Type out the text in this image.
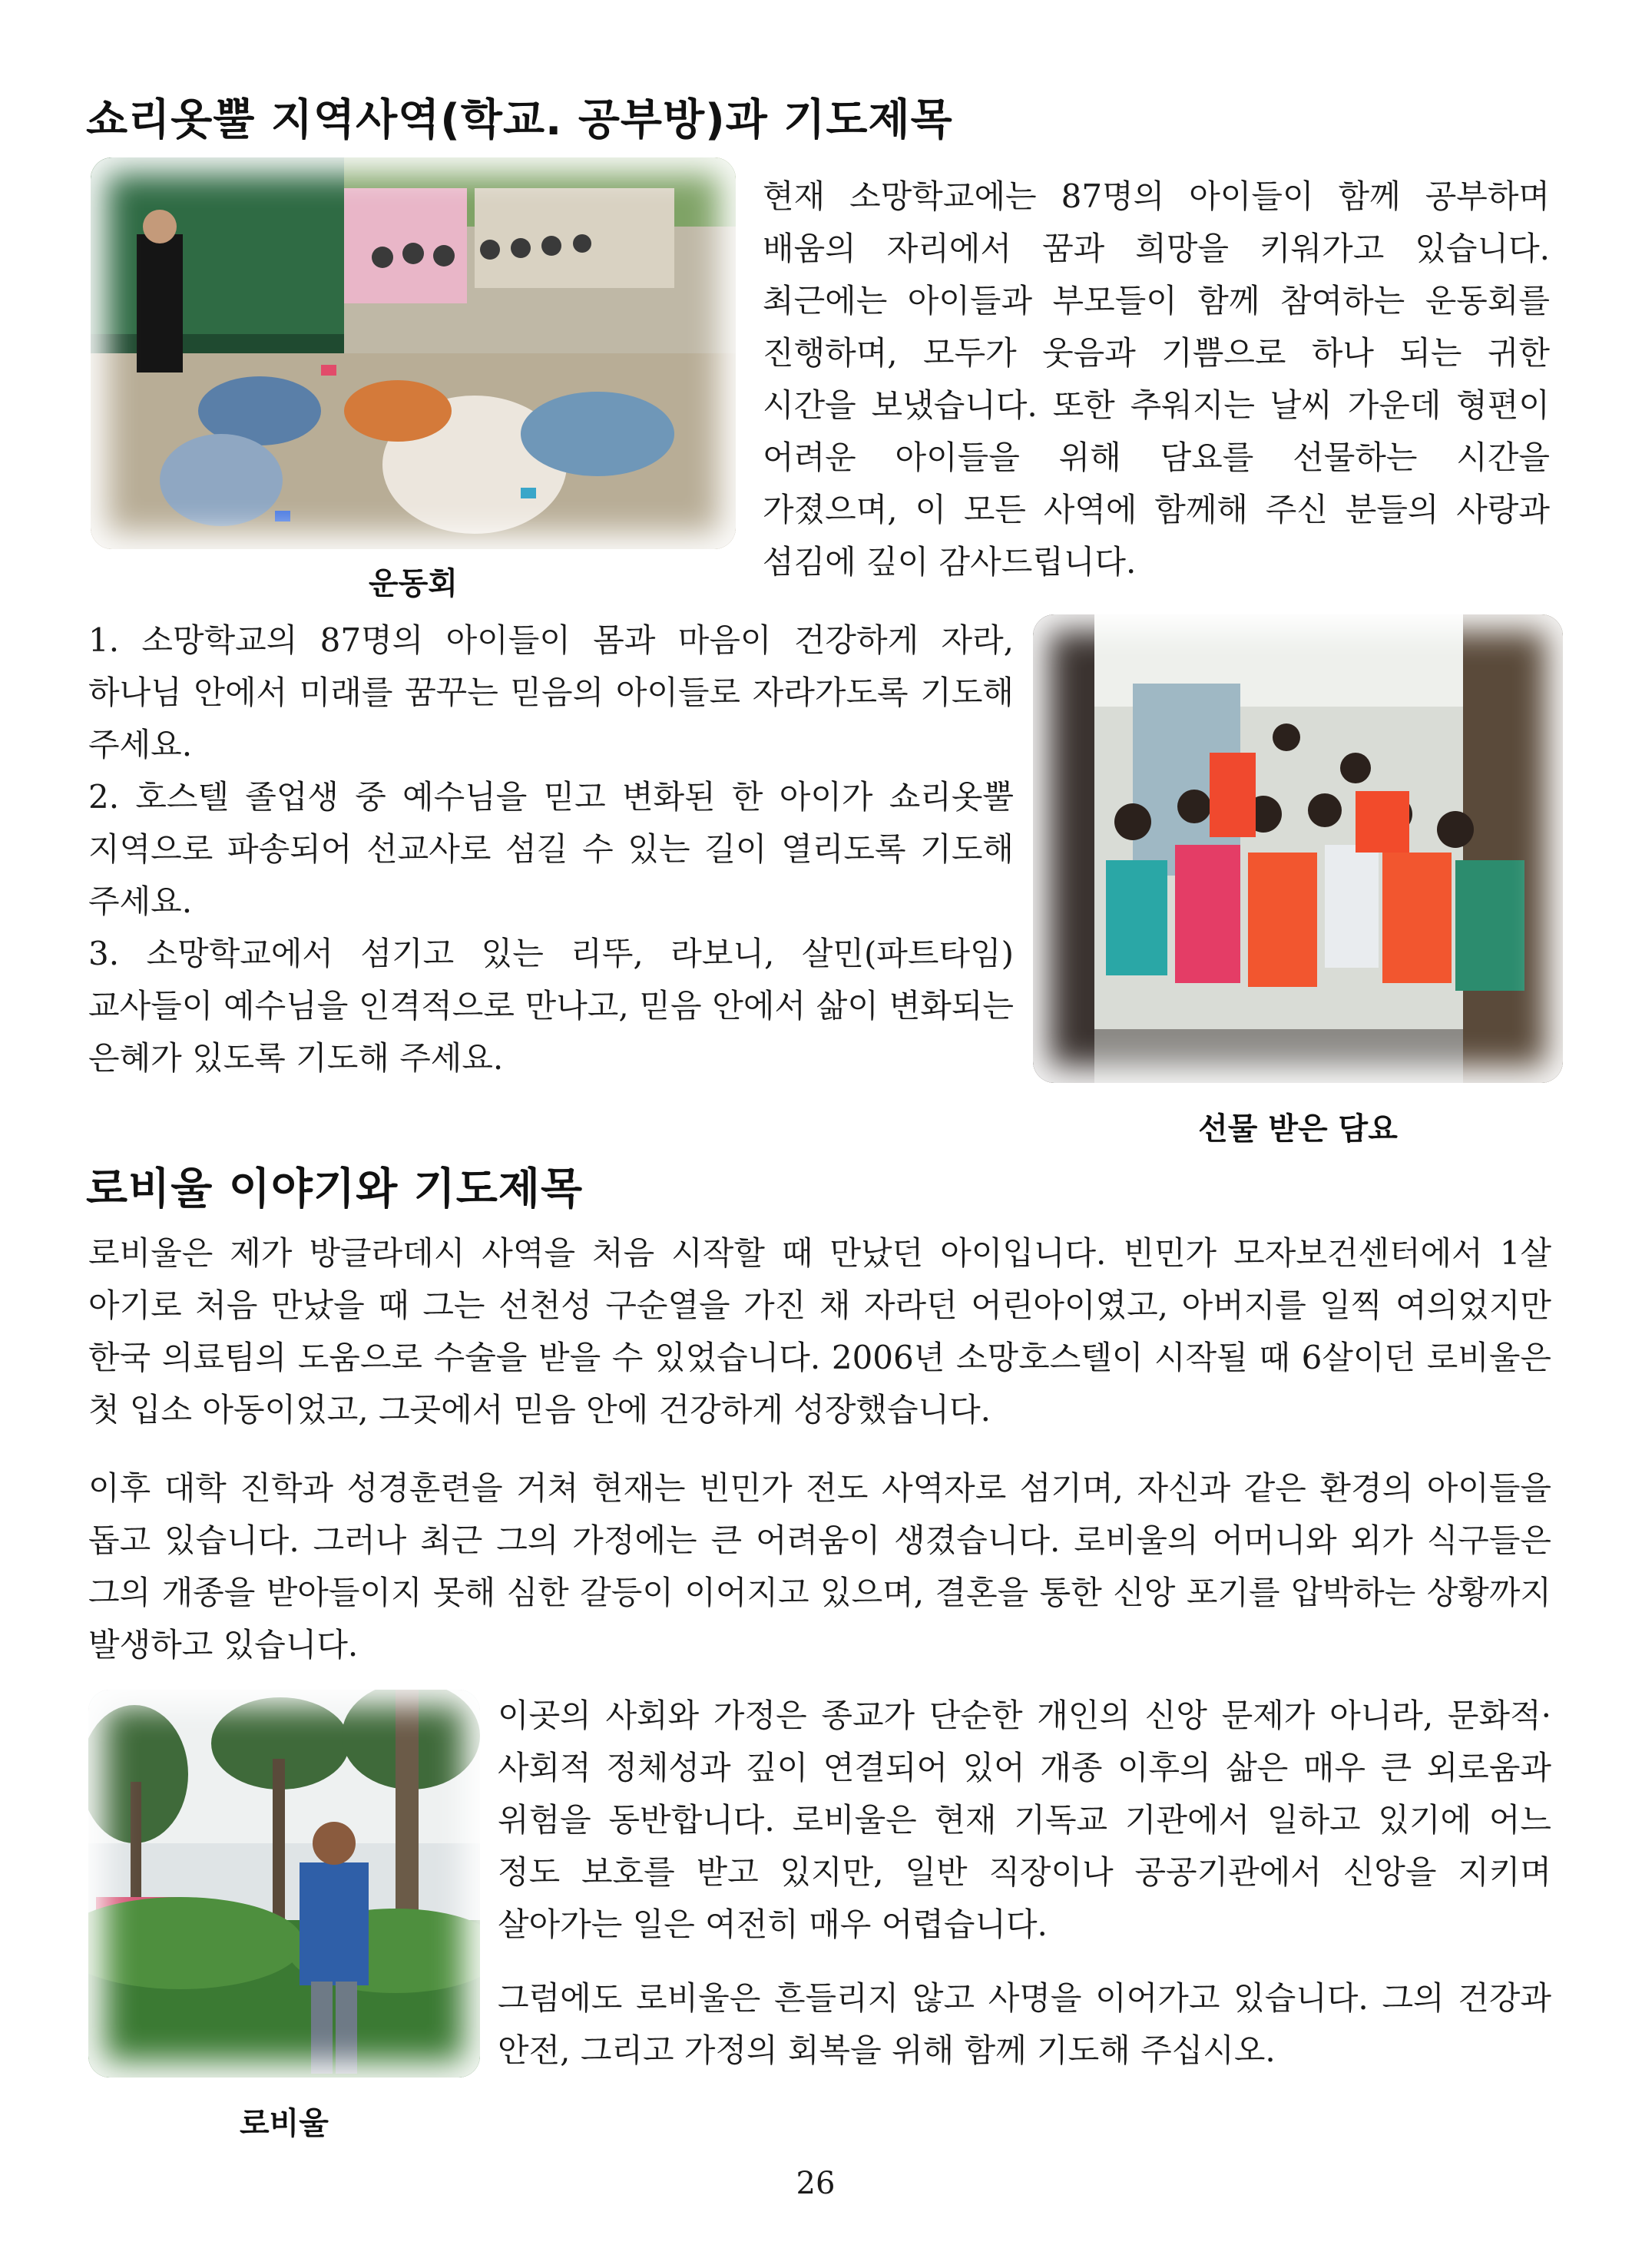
쇼리옷뿔 지역사역(학교. 공부방)과 기도제목
운동회
현재 소망학교에는 87명의 아이들이 함께 공부하며 배움의 자리에서 꿈과 희망을 키워가고 있습니다. 최근에는 아이들과 부모들이 함께 참여하는 운동회를 진행하며, 모두가 웃음과 기쁨으로 하나 되는 귀한 시간을 보냈습니다. 또한 추워지는 날씨 가운데 형편이 어려운 아이들을 위해 담요를 선물하는 시간을 가졌으며, 이 모든 사역에 함께해 주신 분들의 사랑과 섬김에 깊이 감사드립니다.

1. 소망학교의 87명의 아이들이 몸과 마음이 건강하게 자라, 하나님 안에서 미래를 꿈꾸는 믿음의 아이들로 자라가도록 기도해 주세요.

2. 호스텔 졸업생 중 예수님을 믿고 변화된 한 아이가 쇼리옷뿔 지역으로 파송되어 선교사로 섬길 수 있는 길이 열리도록 기도해 주세요.

3. 소망학교에서 섬기고 있는 리뚜, 라보니, 살민(파트타임) 교사들이 예수님을 인격적으로 만나고, 믿음 안에서 삶이 변화되는 은혜가 있도록 기도해 주세요.

선물 받은 담요
로비울 이야기와 기도제목
로비울은 제가 방글라데시 사역을 처음 시작할 때 만났던 아이입니다. 빈민가 모자보건센터에서 1살 아기로 처음 만났을 때 그는 선천성 구순열을 가진 채 자라던 어린아이였고, 아버지를 일찍 여의었지만 한국 의료팀의 도움으로 수술을 받을 수 있었습니다. 2006년 소망호스텔이 시작될 때 6살이던 로비울은 첫 입소 아동이었고, 그곳에서 믿음 안에 건강하게 성장했습니다.
이후 대학 진학과 성경훈련을 거쳐 현재는 빈민가 전도 사역자로 섬기며, 자신과 같은 환경의 아이들을 돕고 있습니다. 그러나 최근 그의 가정에는 큰 어려움이 생겼습니다. 로비울의 어머니와 외가 식구들은 그의 개종을 받아들이지 못해 심한 갈등이 이어지고 있으며, 결혼을 통한 신앙 포기를 압박하는 상황까지 발생하고 있습니다.
로비울
이곳의 사회와 가정은 종교가 단순한 개인의 신앙 문제가 아니라, 문화적·사회적 정체성과 깊이 연결되어 있어 개종 이후의 삶은 매우 큰 외로움과 위험을 동반합니다. 로비울은 현재 기독교 기관에서 일하고 있기에 어느 정도 보호를 받고 있지만, 일반 직장이나 공공기관에서 신앙을 지키며 살아가는 일은 여전히 매우 어렵습니다.
그럼에도 로비울은 흔들리지 않고 사명을 이어가고 있습니다. 그의 건강과 안전, 그리고 가정의 회복을 위해 함께 기도해 주십시오.
26
